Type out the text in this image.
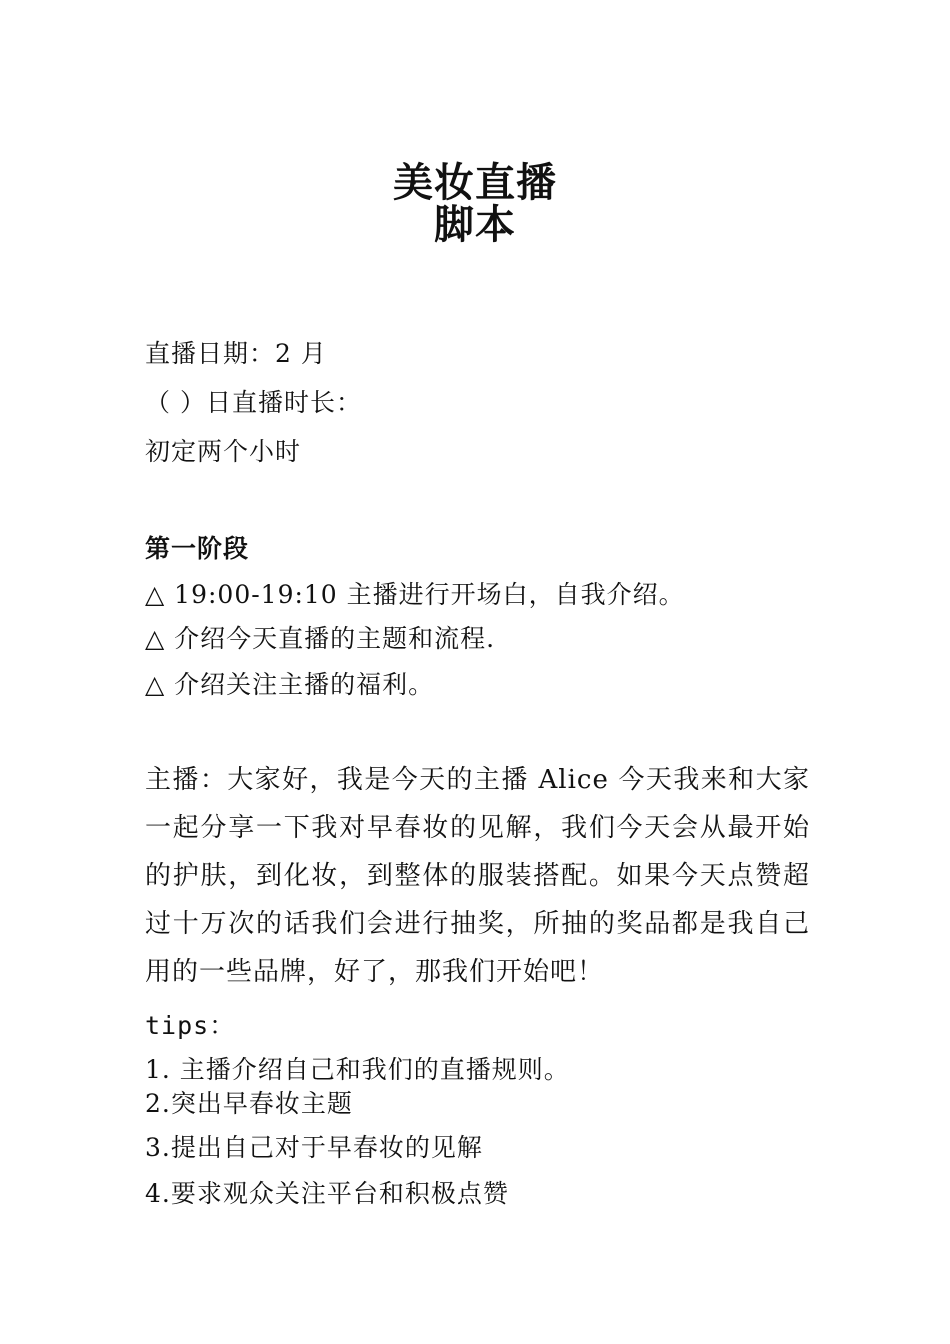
美妆直播
脚本
直播日期：2 月
（ ）日直播时长：
初定两个小时
第一阶段
△ 19:00-19:10 主播进行开场白，自我介绍。
△ 介绍今天直播的主题和流程.
△ 介绍关注主播的福利。
主播：大家好，我是今天的主播 Alice 今天我来和大家一起分享一下我对早春妆的见解，我们今天会从最开始的护肤，到化妆，到整体的服装搭配。如果今天点赞超过十万次的话我们会进行抽奖，所抽的奖品都是我自己用的一些品牌，好了，那我们开始吧！
tips：
1. 主播介绍自己和我们的直播规则。
2.突出早春妆主题
3.提出自己对于早春妆的见解
4.要求观众关注平台和积极点赞
